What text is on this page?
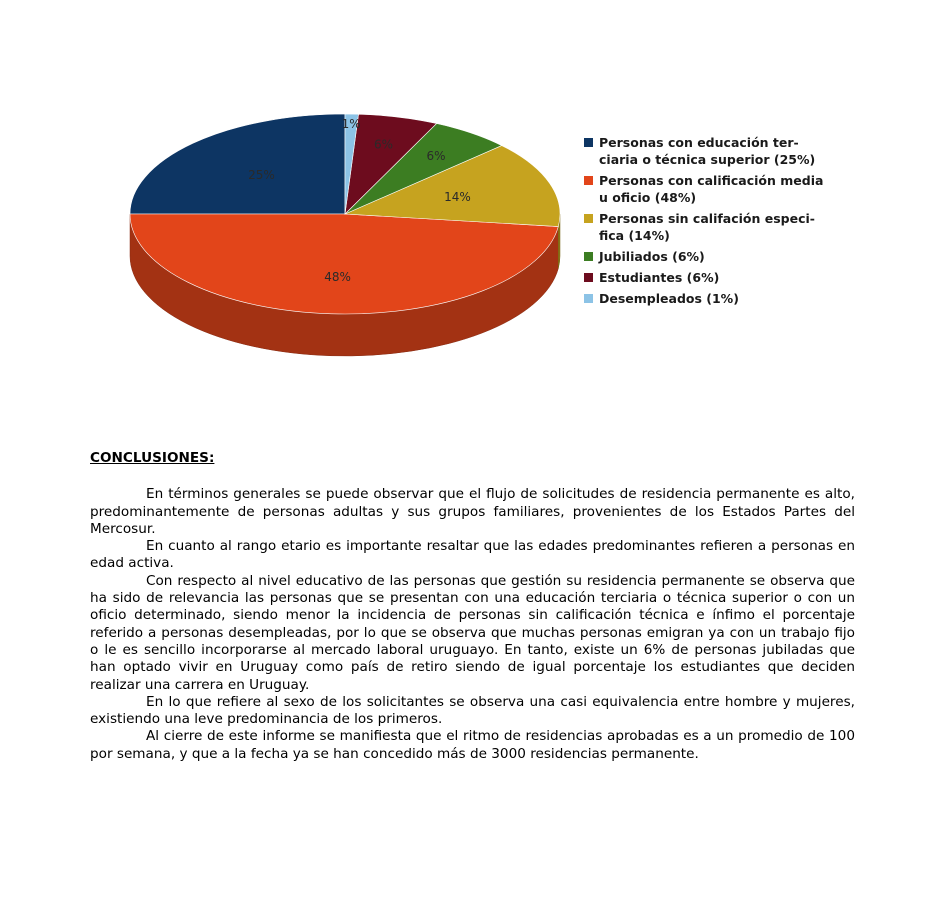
25%
48%
14%
6%
6%
1%
Personas con educación ter-
ciaria o técnica superior (25%)
Personas con calificación media
u oficio (48%)
Personas sin califación especi-
fica (14%)
Jubiliados (6%)
Estudiantes (6%)
Desempleados (1%)

CONCLUSIONES:

En términos generales se puede observar que el flujo de solicitudes de residencia permanente es alto, predominantemente de personas adultas y sus grupos familiares, provenientes de los Estados Partes del Mercosur.

En cuanto al rango etario es importante resaltar que las edades predominantes refieren a personas en edad activa.

Con respecto al nivel educativo de las personas que gestión su residencia permanente se observa que ha sido de relevancia las personas que se presentan con una educación terciaria o técnica superior o con un oficio determinado, siendo menor la incidencia de personas sin calificación técnica e ínfimo el porcentaje referido a personas desempleadas, por lo que se observa que muchas personas emigran ya con un trabajo fijo o le es sencillo incorporarse al mercado laboral uruguayo. En tanto, existe un 6% de personas jubiladas que han optado vivir en Uruguay como país de retiro siendo de igual porcentaje los estudiantes que deciden realizar una carrera en Uruguay.

En lo que refiere al sexo de los solicitantes se observa una casi equivalencia entre hombre y mujeres, existiendo una leve predominancia de los primeros.

Al cierre de este informe se manifiesta que el ritmo de residencias aprobadas es a un promedio de 100 por semana, y que a la fecha ya se han concedido más de 3000 residencias permanente.
